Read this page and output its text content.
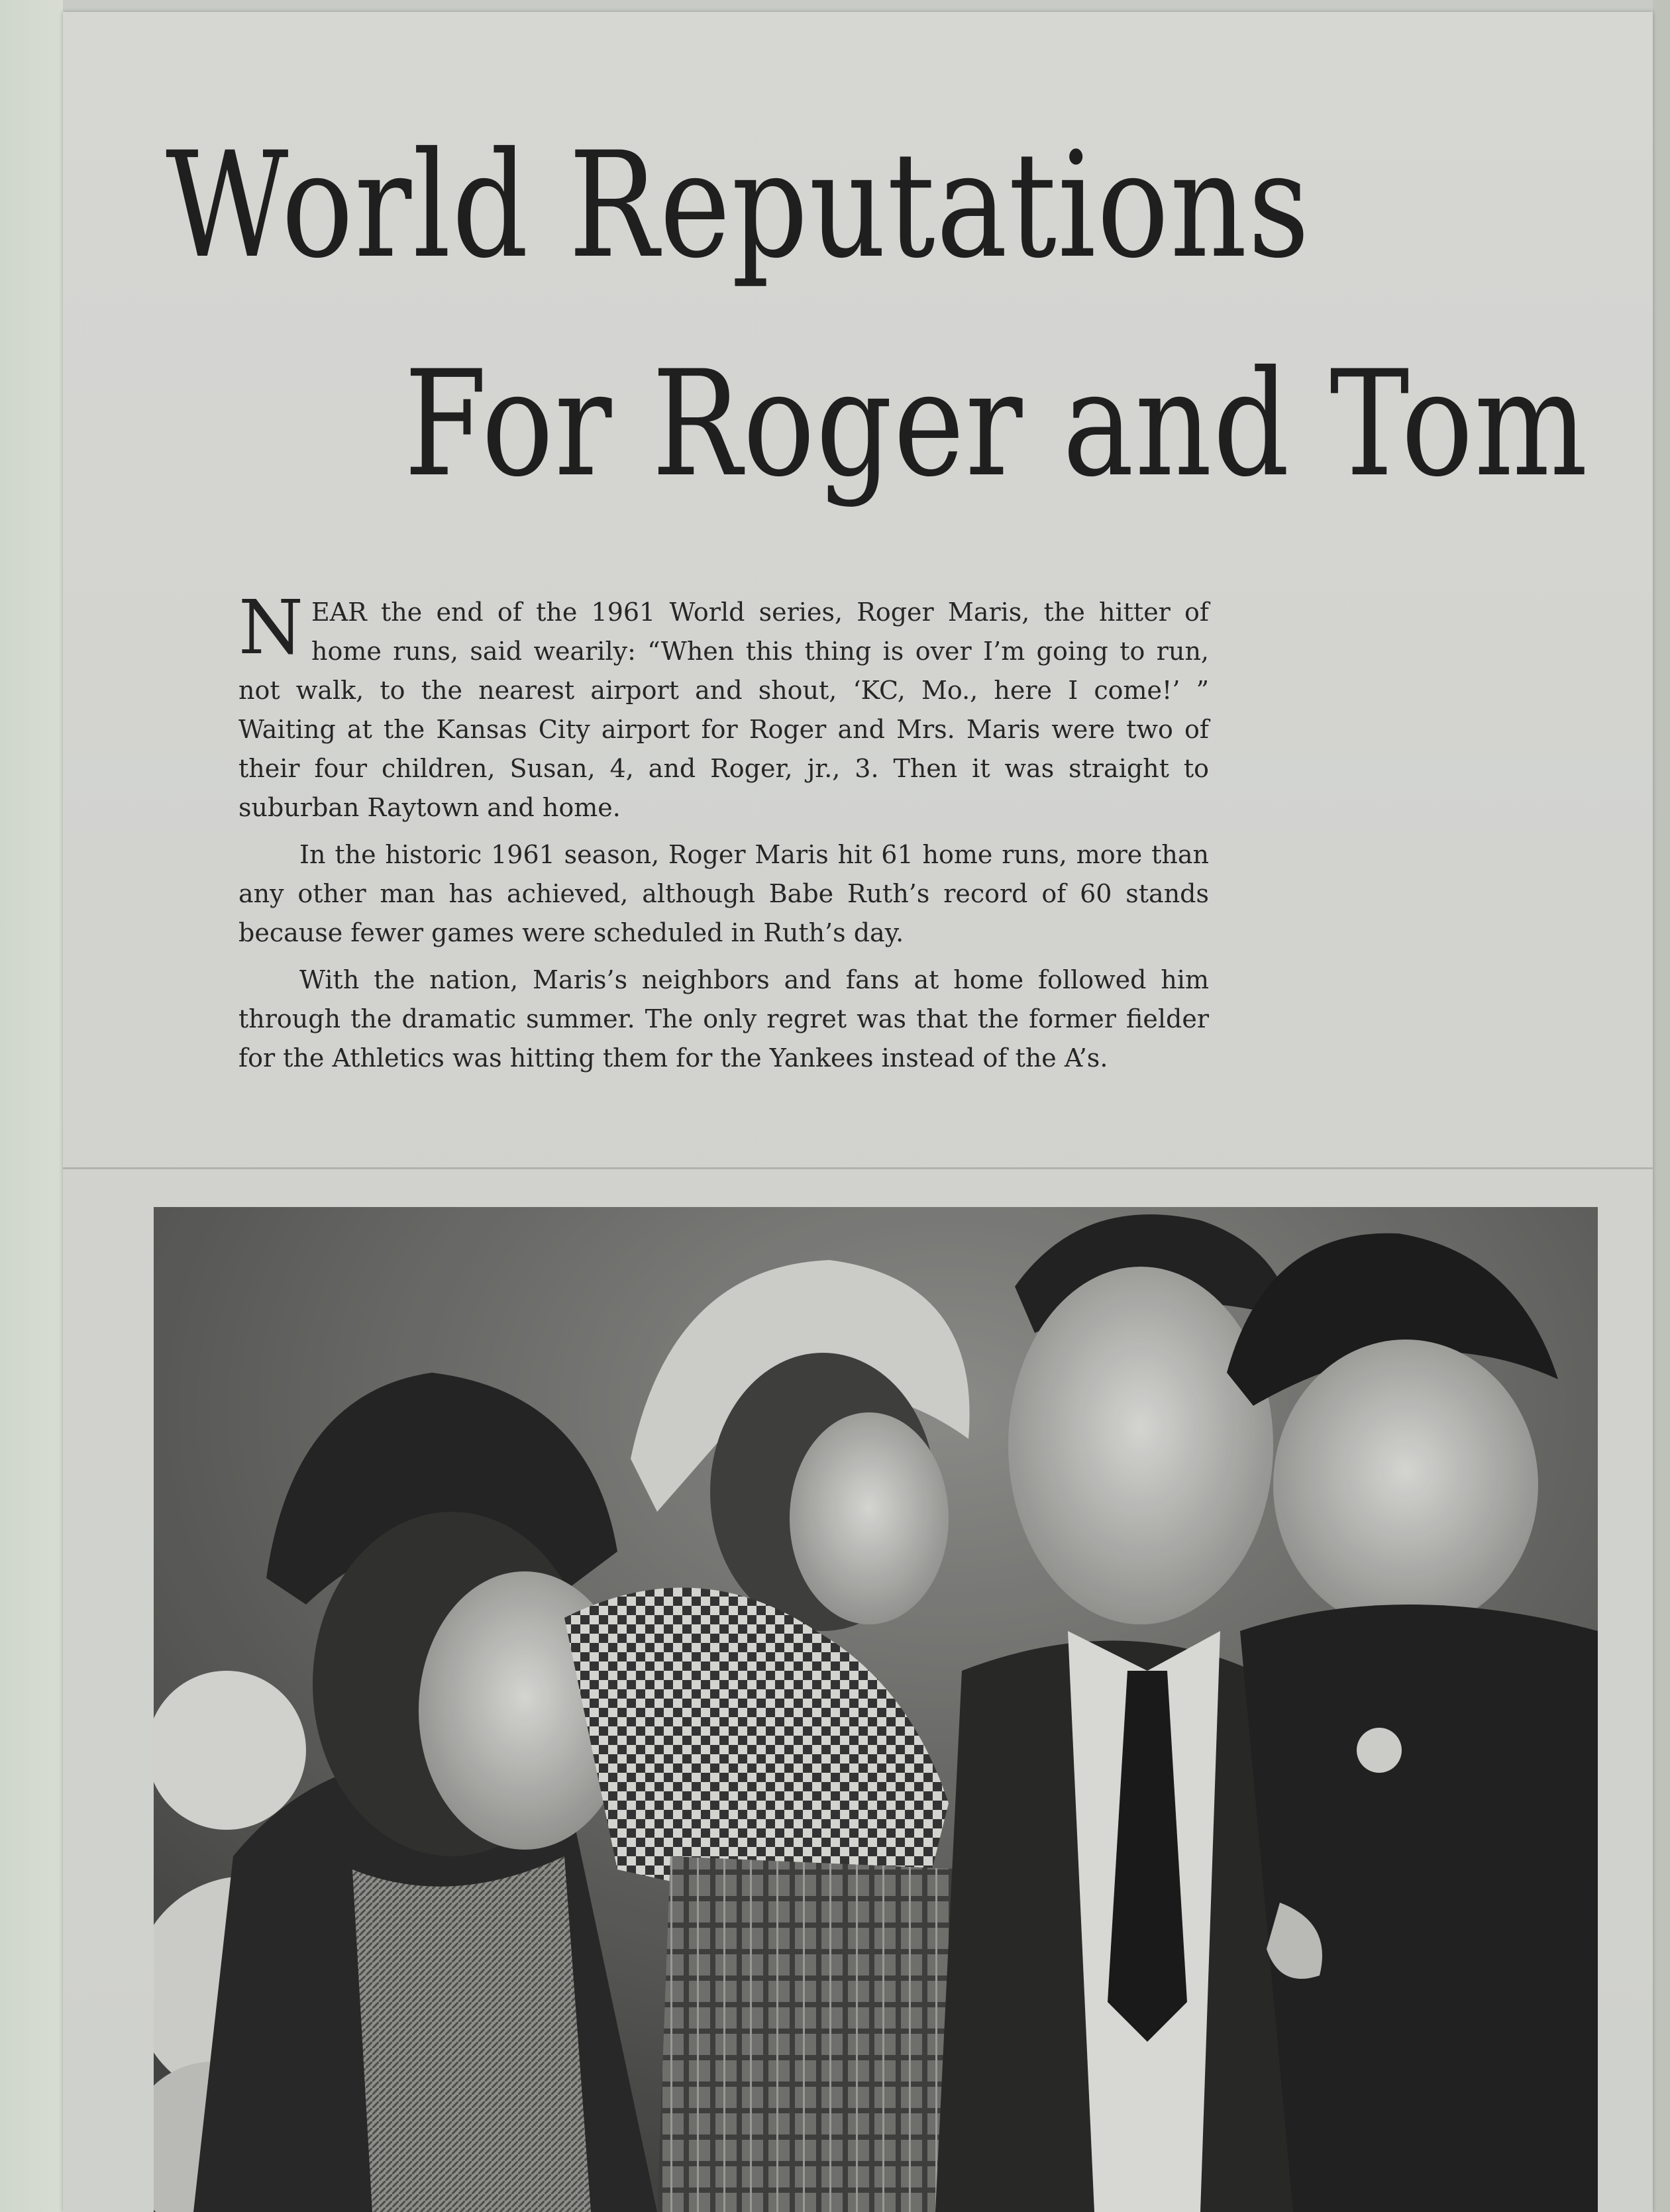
World Reputations
For Roger and Tom

NEAR the end of the 1961 World series, Roger Maris, the hitter of home runs, said wearily: “When this thing is over I’m going to run, not walk, to the nearest airport and shout, ‘KC, Mo., here I come!’ ” Waiting at the Kansas City airport for Roger and Mrs. Maris were two of their four children, Susan, 4, and Roger, jr., 3. Then it was straight to suburban Raytown and home.

In the historic 1961 season, Roger Maris hit 61 home runs, more than any other man has achieved, although Babe Ruth’s record of 60 stands because fewer games were scheduled in Ruth’s day.

With the nation, Maris’s neighbors and fans at home followed him through the dramatic summer. The only regret was that the former fielder for the Athletics was hitting them for the Yankees instead of the A’s.
